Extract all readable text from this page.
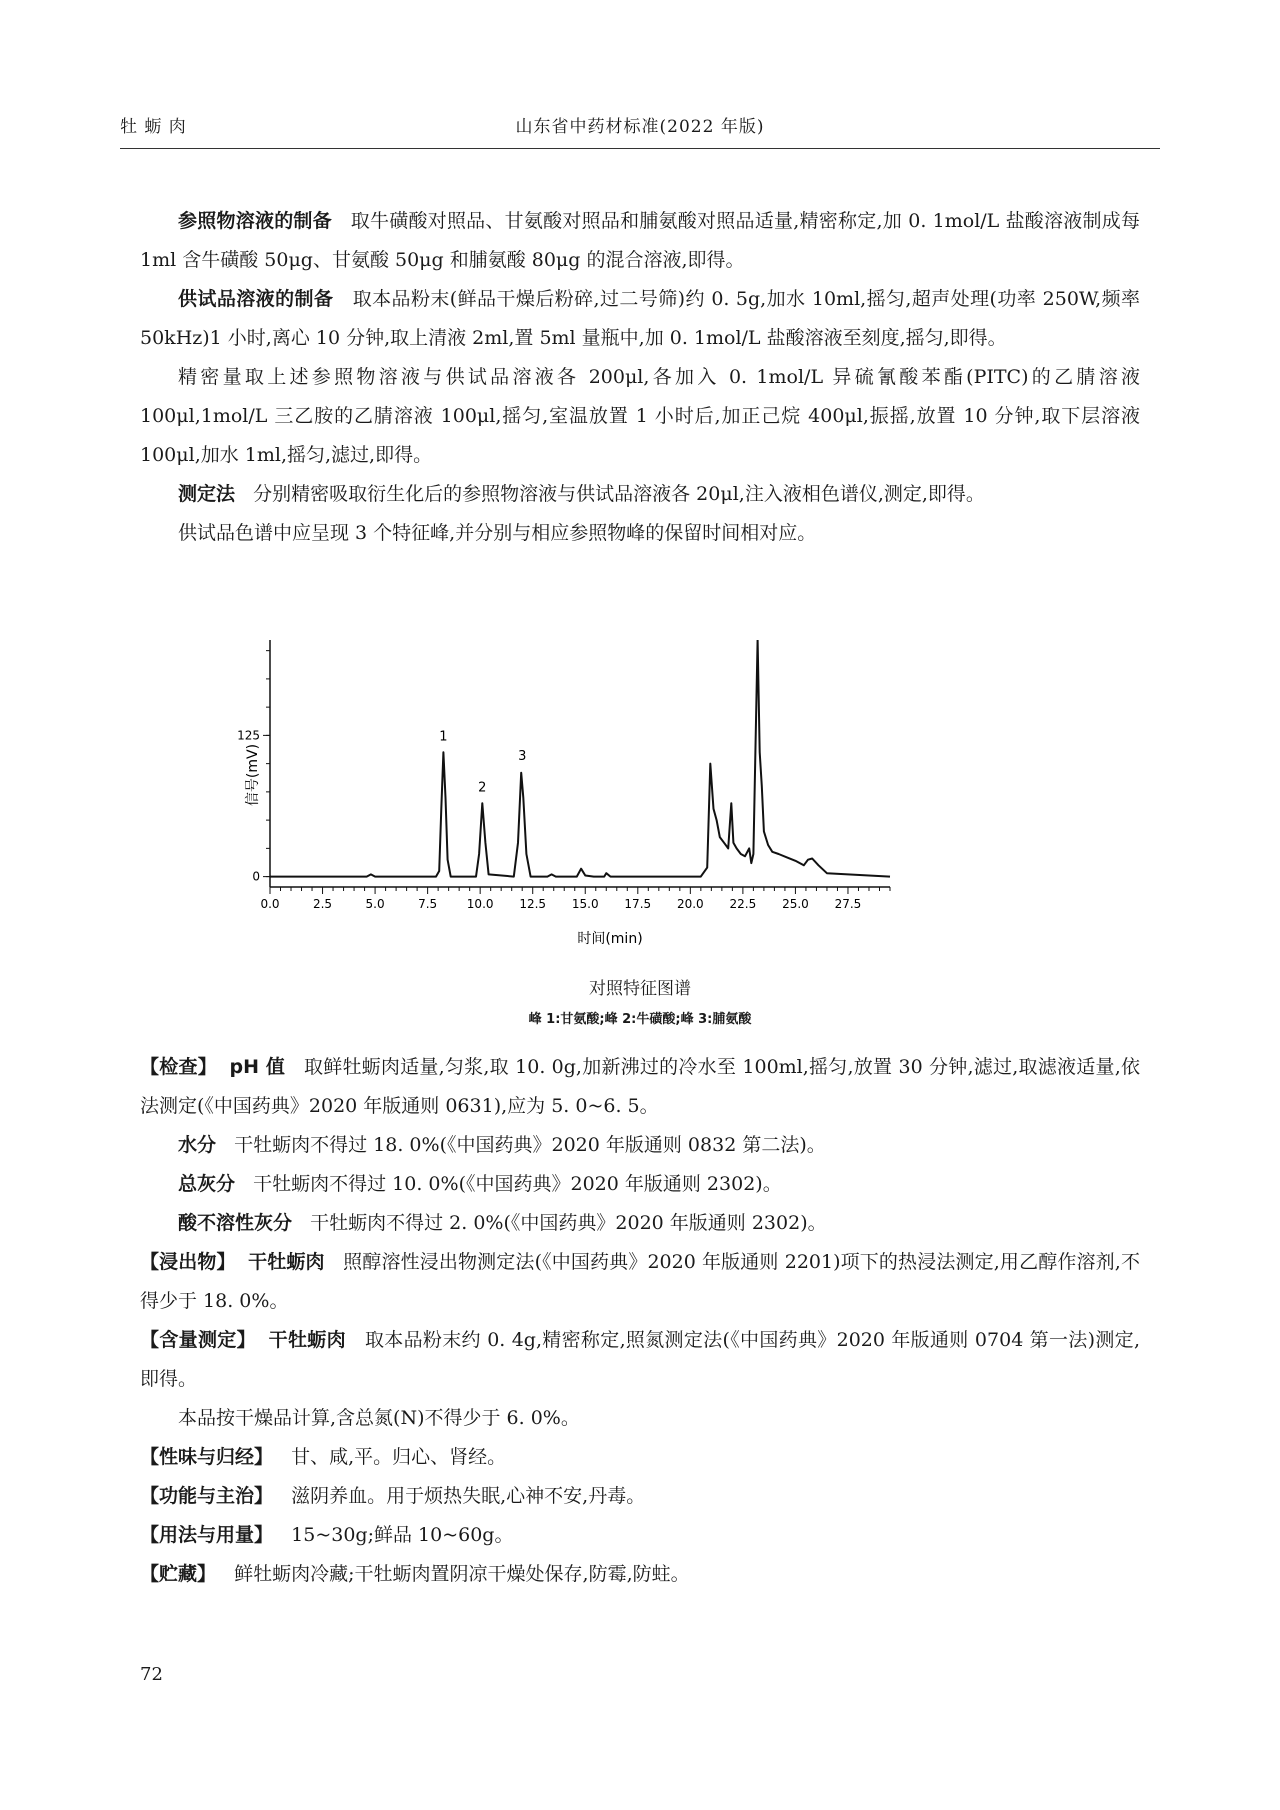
牡 蛎 肉	山东省中药材标准(2022 年版)

参照物溶液的制备 取牛磺酸对照品、甘氨酸对照品和脯氨酸对照品适量,精密称定,加 0. 1mol/L 盐酸溶液制成每 1ml 含牛磺酸 50μg、甘氨酸 50μg 和脯氨酸 80μg 的混合溶液,即得。

供试品溶液的制备 取本品粉末(鲜品干燥后粉碎,过二号筛)约 0. 5g,加水 10ml,摇匀,超声处理(功率 250W,频率 50kHz)1 小时,离心 10 分钟,取上清液 2ml,置 5ml 量瓶中,加 0. 1mol/L 盐酸溶液至刻度,摇匀,即得。

精密量取上述参照物溶液与供试品溶液各 200μl,各加入 0. 1mol/L 异硫氰酸苯酯(PITC)的乙腈溶液 100μl,1mol/L 三乙胺的乙腈溶液 100μl,摇匀,室温放置 1 小时后,加正己烷 400μl,振摇,放置 10 分钟,取下层溶液 100μl,加水 1ml,摇匀,滤过,即得。

测定法 分别精密吸取衍生化后的参照物溶液与供试品溶液各 20μl,注入液相色谱仪,测定,即得。

供试品色谱中应呈现 3 个特征峰,并分别与相应参照物峰的保留时间相对应。

0.0	2.5	5.0	7.5 10.0 12.5 15.0 17.5 20.0 22.5 25.0 27.5
0
125	1
2
3
信号(mV)
时间(min)
对照特征图谱
峰 1:甘氨酸;峰 2:牛磺酸;峰 3:脯氨酸

【检查】 pH 值 取鲜牡蛎肉适量,匀浆,取 10. 0g,加新沸过的冷水至 100ml,摇匀,放置 30 分钟,滤过,取滤液适量,依法测定(《中国药典》2020 年版通则 0631),应为 5. 0~6. 5。

水分 干牡蛎肉不得过 18. 0%(《中国药典》2020 年版通则 0832 第二法)。

总灰分 干牡蛎肉不得过 10. 0%(《中国药典》2020 年版通则 2302)。

酸不溶性灰分 干牡蛎肉不得过 2. 0%(《中国药典》2020 年版通则 2302)。

【浸出物】 干牡蛎肉 照醇溶性浸出物测定法(《中国药典》2020 年版通则 2201)项下的热浸法测定,用乙醇作溶剂,不得少于 18. 0%。

【含量测定】 干牡蛎肉 取本品粉末约 0. 4g,精密称定,照氮测定法(《中国药典》2020 年版通则 0704 第一法)测定,即得。

本品按干燥品计算,含总氮(N)不得少于 6. 0%。

【性味与归经】 甘、咸,平。归心、肾经。

【功能与主治】 滋阴养血。用于烦热失眠,心神不安,丹毒。

【用法与用量】 15~30g;鲜品 10~60g。

【贮藏】 鲜牡蛎肉冷藏;干牡蛎肉置阴凉干燥处保存,防霉,防蛀。

72
